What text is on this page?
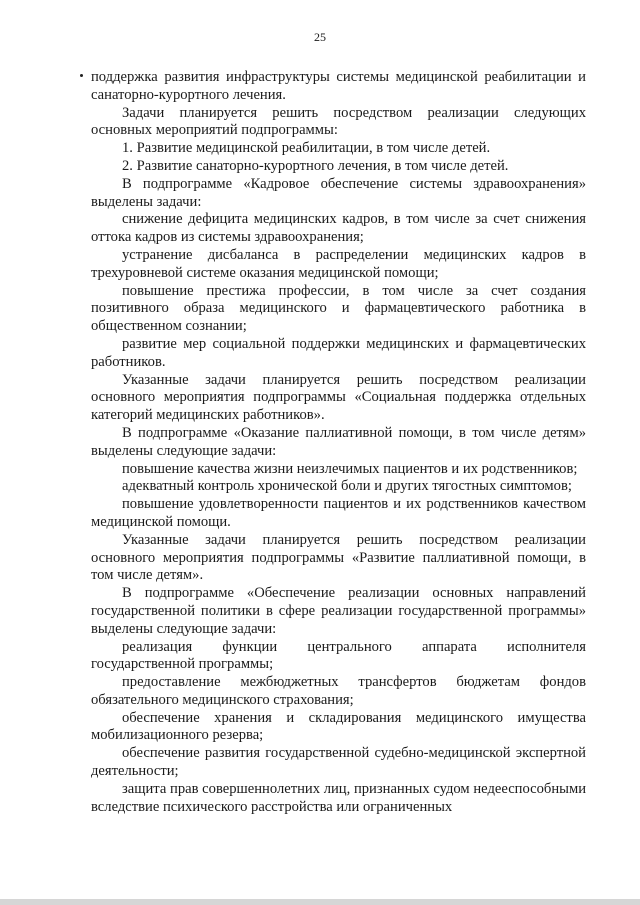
25

поддержка развития инфраструктуры системы медицинской реабилитации и санаторно-курортного лечения.

Задачи планируется решить посредством реализации следующих основных мероприятий подпрограммы:

1. Развитие медицинской реабилитации, в том числе детей.

2. Развитие санаторно-курортного лечения, в том числе детей.

В подпрограмме «Кадровое обеспечение системы здравоохранения» выделены задачи:

снижение дефицита медицинских кадров, в том числе за счет снижения оттока кадров из системы здравоохранения;

устранение дисбаланса в распределении медицинских кадров в трехуровневой системе оказания медицинской помощи;

повышение престижа профессии, в том числе за счет создания позитивного образа медицинского и фармацевтического работника в общественном сознании;

развитие мер социальной поддержки медицинских и фармацевтических работников.

Указанные задачи планируется решить посредством реализации основного мероприятия подпрограммы «Социальная поддержка отдельных категорий медицинских работников».

В подпрограмме «Оказание паллиативной помощи, в том числе детям» выделены следующие задачи:

повышение качества жизни неизлечимых пациентов и их родственников;

адекватный контроль хронической боли и других тягостных симптомов;

повышение удовлетворенности пациентов и их родственников качеством медицинской помощи.

Указанные задачи планируется решить посредством реализации основного мероприятия подпрограммы «Развитие паллиативной помощи, в том числе детям».

В подпрограмме «Обеспечение реализации основных направлений государственной политики в сфере реализации государственной программы» выделены следующие задачи:

реализация функции центрального аппарата исполнителя государственной программы;

предоставление межбюджетных трансфертов бюджетам фондов обязательного медицинского страхования;

обеспечение хранения и складирования медицинского имущества мобилизационного резерва;

обеспечение развития государственной судебно-медицинской экспертной деятельности;

защита прав совершеннолетних лиц, признанных судом недееспособными вследствие психического расстройства или ограниченных
